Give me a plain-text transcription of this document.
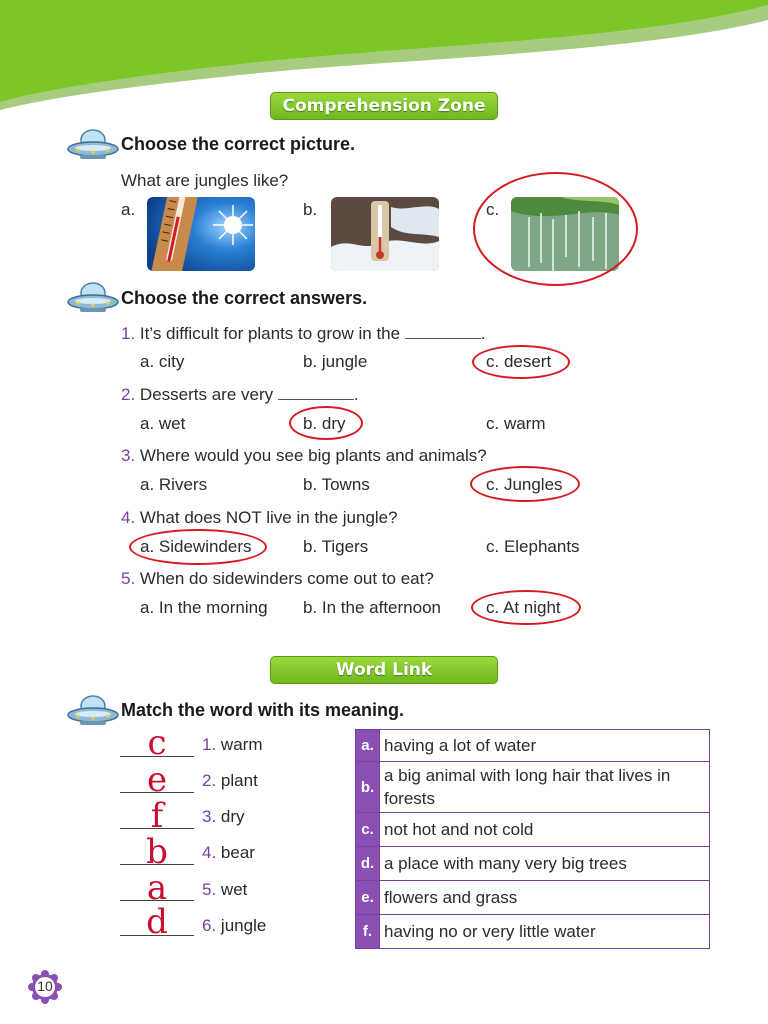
Comprehension Zone
Choose the correct picture.
What are jungles like?
a.	b.	c.
Choose the correct answers.
1. It’s difficult for plants to grow in the	.
a. city	b. jungle	c. desert
2. Desserts are very	.
a. wet	b. dry	c. warm
3. Where would you see big plants and animals?
a. Rivers	b. Towns	c. Jungles
4. What does NOT live in the jungle?
a. Sidewinders	b. Tigers	c. Elephants
5. When do sidewinders come out to eat?
a. In the morning b. In the afternoon	c. At night
Word Link
Match the word with its meaning.
c	1. warm
e	2. plant
f	3. dry
b	4. bear
a	5. wet
d	6. jungle
a.	having a lot of water
b.	a big animal with long hair that lives in forests
c.	not hot and not cold
d.	a place with many very big trees
e.	flowers and grass
f.	having no or very little water
10
